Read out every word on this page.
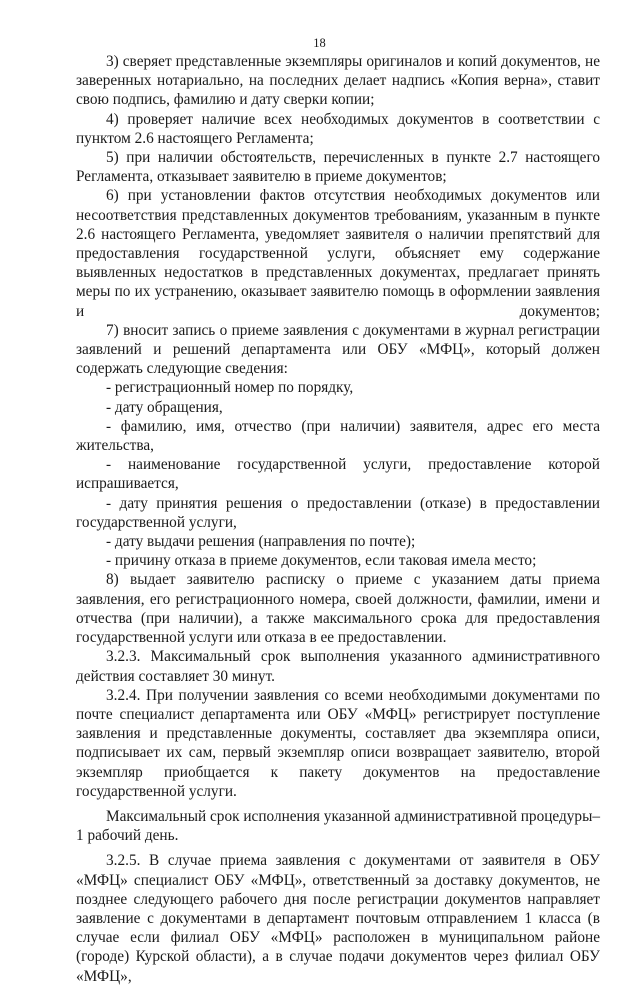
18

3) сверяет представленные экземпляры оригиналов и копий документов, не заверенных нотариально, на последних делает надпись «Копия верна», ставит свою подпись, фамилию и дату сверки копии;

4) проверяет наличие всех необходимых документов в соответствии с пунктом 2.6 настоящего Регламента;

5) при наличии обстоятельств, перечисленных в пункте 2.7 настоящего Регламента, отказывает заявителю в приеме документов;

6) при установлении фактов отсутствия необходимых документов или несоответствия представленных документов требованиям, указанным в пункте 2.6 настоящего Регламента, уведомляет заявителя о наличии препятствий для предоставления государственной услуги, объясняет ему содержание выявленных недостатков в представленных документах, предлагает принять меры по их устранению, оказывает заявителю помощь в оформлении заявления и документов;

7) вносит запись о приеме заявления с документами в журнал регистрации заявлений и решений департамента или ОБУ «МФЦ», который должен содержать следующие сведения:

- регистрационный номер по порядку,

- дату обращения,

- фамилию, имя, отчество (при наличии) заявителя, адрес его места жительства,

- наименование государственной услуги, предоставление которой испрашивается,

- дату принятия решения о предоставлении (отказе) в предоставлении государственной услуги,

- дату выдачи решения (направления по почте);

- причину отказа в приеме документов, если таковая имела место;

8) выдает заявителю расписку о приеме с указанием даты приема заявления, его регистрационного номера, своей должности, фамилии, имени и отчества (при наличии), а также максимального срока для предоставления государственной услуги или отказа в ее предоставлении.

3.2.3. Максимальный срок выполнения указанного административного действия составляет 30 минут.

3.2.4. При получении заявления со всеми необходимыми документами по почте специалист департамента или ОБУ «МФЦ» регистрирует поступление заявления и представленные документы, составляет два экземпляра описи, подписывает их сам, первый экземпляр описи возвращает заявителю, второй экземпляр приобщается к пакету документов на предоставление государственной услуги.

Максимальный срок исполнения указанной административной процедуры– 1 рабочий день.

3.2.5. В случае приема заявления с документами от заявителя в ОБУ «МФЦ» специалист ОБУ «МФЦ», ответственный за доставку документов, не позднее следующего рабочего дня после регистрации документов направляет заявление с документами в департамент почтовым отправлением 1 класса (в случае если филиал ОБУ «МФЦ» расположен в муниципальном районе (городе) Курской области), а в случае подачи документов через филиал ОБУ «МФЦ»,
